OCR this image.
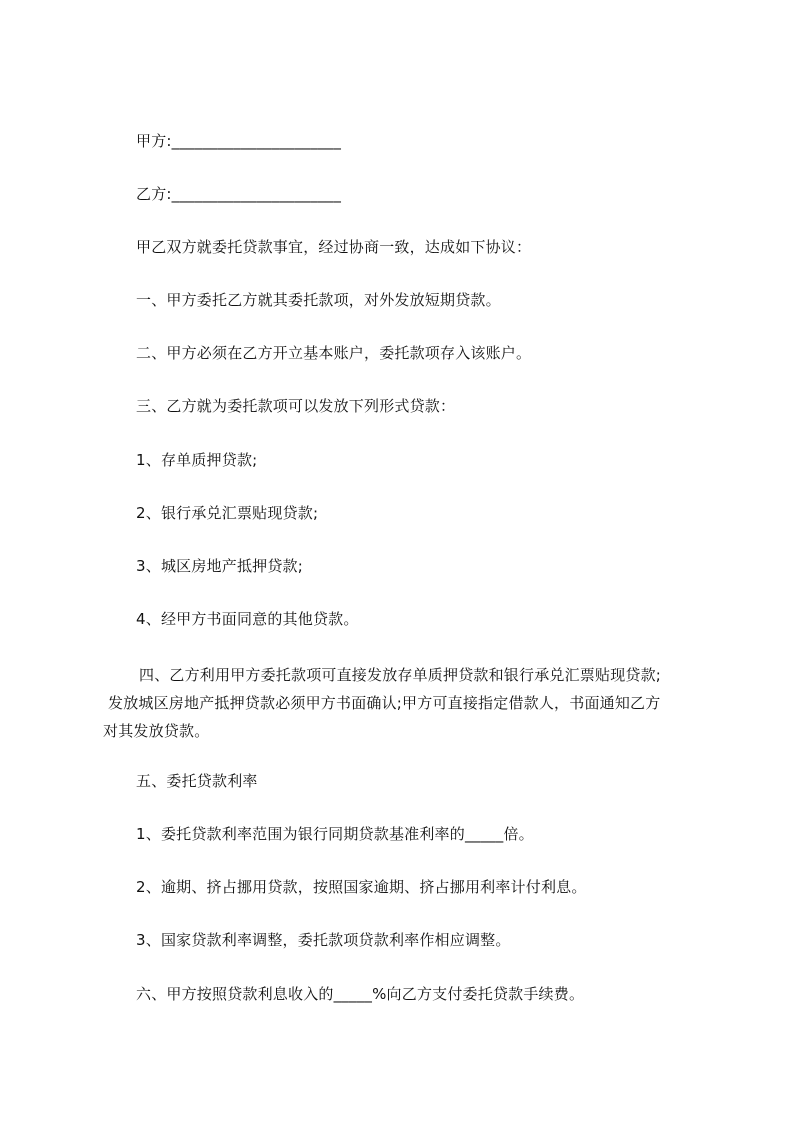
甲方:______________________
乙方:______________________
甲乙双方就委托贷款事宜，经过协商一致，达成如下协议：
一、甲方委托乙方就其委托款项，对外发放短期贷款。
二、甲方必须在乙方开立基本账户，委托款项存入该账户。
三、乙方就为委托款项可以发放下列形式贷款：
1、存单质押贷款;
2、银行承兑汇票贴现贷款;
3、城区房地产抵押贷款;
4、经甲方书面同意的其他贷款。
四、乙方利用甲方委托款项可直接发放存单质押贷款和银行承兑汇票贴现贷款;
发放城区房地产抵押贷款必须甲方书面确认;甲方可直接指定借款人，书面通知乙方
对其发放贷款。
五、委托贷款利率
1、委托贷款利率范围为银行同期贷款基准利率的_____倍。
2、逾期、挤占挪用贷款，按照国家逾期、挤占挪用利率计付利息。
3、国家贷款利率调整，委托款项贷款利率作相应调整。
六、甲方按照贷款利息收入的_____%向乙方支付委托贷款手续费。
